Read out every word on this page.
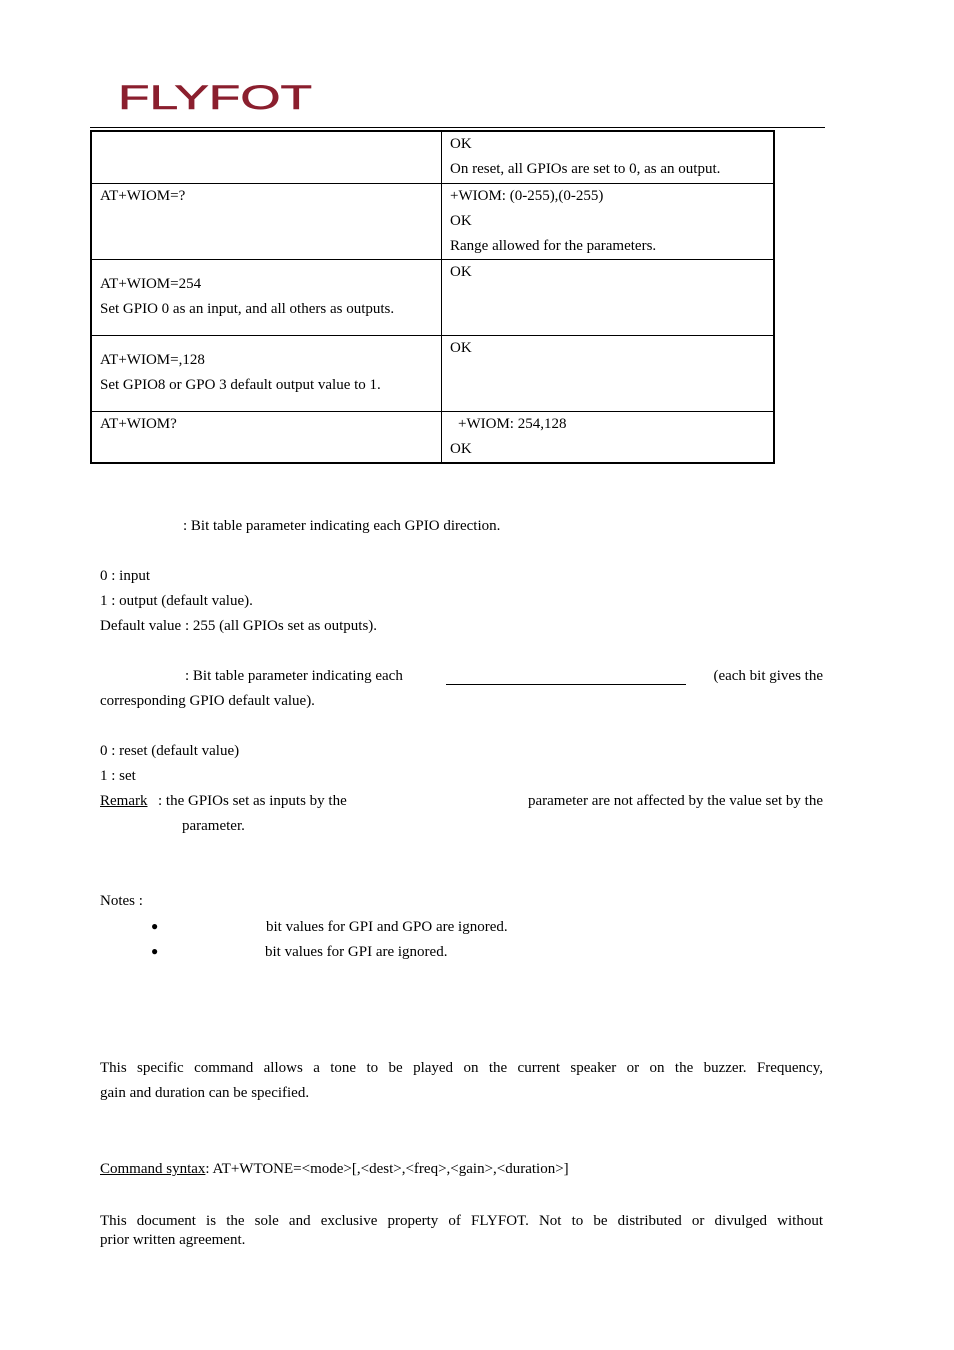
FLYFOT

	OK
On reset, all GPIOs are set to 0, as an output.

AT+WIOM=?	+WIOM: (0-255),(0-255)
OK
Range allowed for the parameters.

AT+WIOM=254
Set GPIO 0 as an input, and all others as outputs.	OK

AT+WIOM=,128
Set GPIO8 or GPO 3 default output value to 1.	OK

AT+WIOM?	+WIOM: 254,128
OK
: Bit table parameter indicating each GPIO direction.
0 : input
1 : output (default value).
Default value : 255 (all GPIOs set as outputs).
: Bit table parameter indicating each	(each bit gives the
corresponding GPIO default value).
0 : reset (default value)
1 : set
Remark : the GPIOs set as inputs by the	parameter are not affected by the value set by the
parameter.
Notes :
●	bit values for GPI and GPO are ignored.
●	bit values for GPI are ignored.
This specific command allows a tone to be played on the current speaker or on the buzzer. Frequency,
gain and duration can be specified.
Command syntax: AT+WTONE=<mode>[,<dest>,<freq>,<gain>,<duration>]
This document is the sole and exclusive property of FLYFOT. Not to be distributed or divulged without
prior written agreement.
